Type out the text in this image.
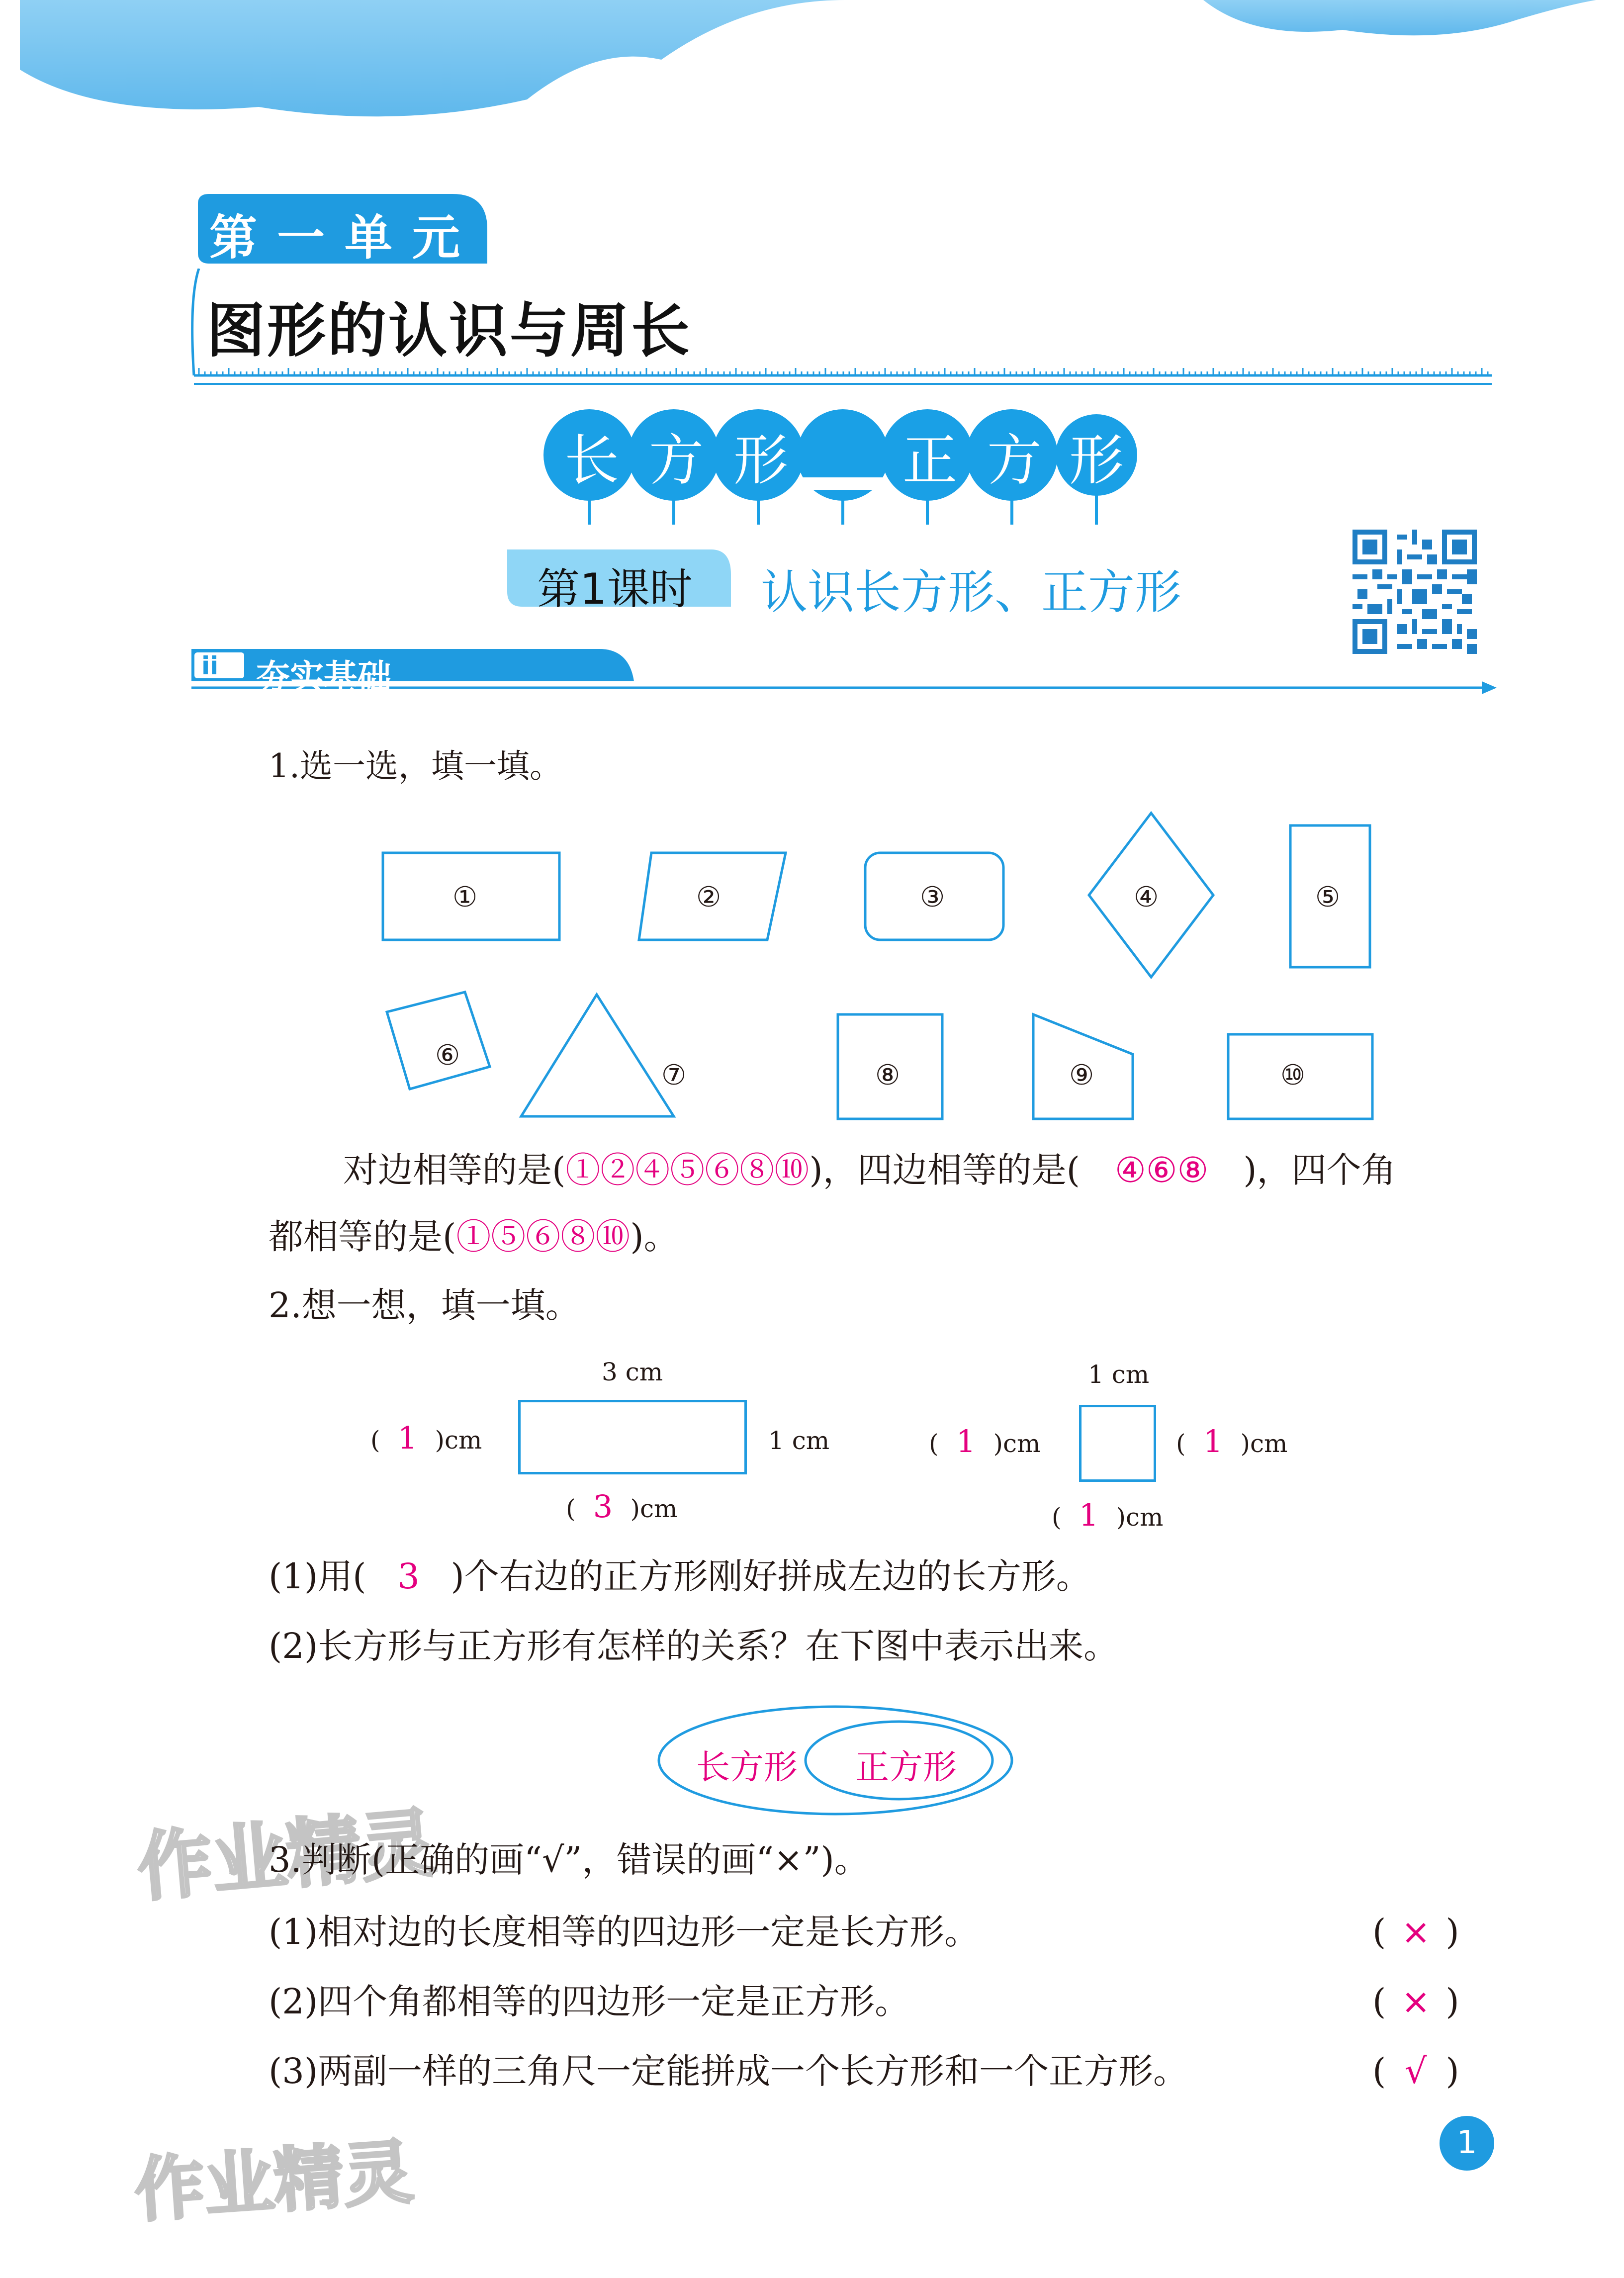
第 一 单 元
图形的认识与周长
长 方 形 正 方 形
第1课时 认识长方形、正方形
ii 夯实基础
1.选一选，填一填。
①	②	③	④	⑤
⑥
⑦	⑧	⑨	⑩
对边相等的是(①②④⑤⑥⑧⑩)，四边相等的是( ④⑥⑧ )，四个角
都相等的是(①⑤⑥⑧⑩)。
2.想一想，填一填。
3 cm
1 cm
( 1 )cm
( 3 )cm
1 cm
( 1 )cm	( 1 )cm
( 1 )cm
(1)用( 3 )个右边的正方形刚好拼成左边的长方形。
(2)长方形与正方形有怎样的关系？在下图中表示出来。
长方形 正方形
作业精灵
3.判断(正确的画“√”，错误的画“×”)。
(1)相对边的长度相等的四边形一定是长方形。	( × )
(2)四个角都相等的四边形一定是正方形。	( × )
(3)两副一样的三角尺一定能拼成一个长方形和一个正方形。	( √ )
作业精灵	1
